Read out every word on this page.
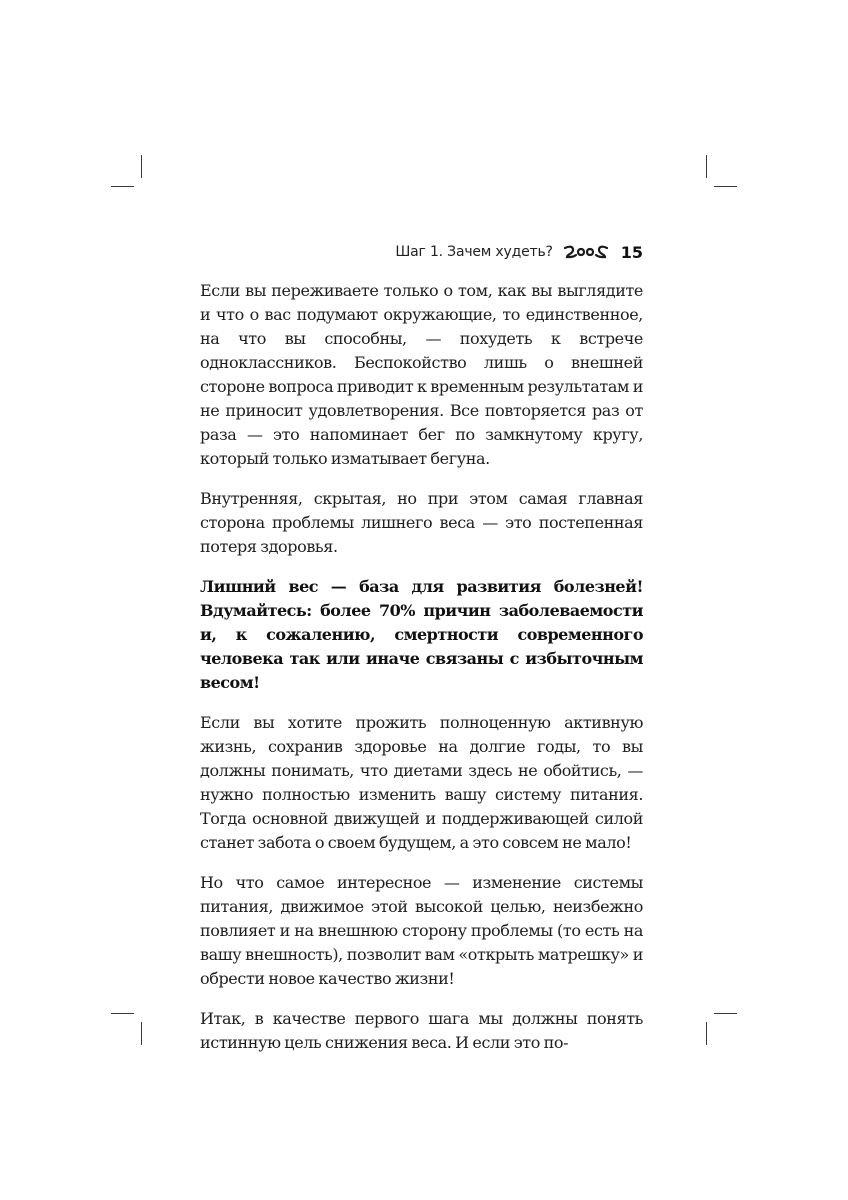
Шаг 1. Зачем худеть?	15

Если вы переживаете только о том, как вы выглядите и что о вас подумают окружающие, то единственное, на что вы способны, — похудеть к встрече одноклассников. Беспокойство лишь о внешней стороне вопроса приводит к временным результатам и не приносит удовлетворения. Все повторяется раз от раза — это напоминает бег по замкнутому кругу, который только изматывает бегуна.

Внутренняя, скрытая, но при этом самая главная сторона проблемы лишнего веса — это постепенная потеря здоровья.

Лишний вес — база для развития болезней! Вдумайтесь: более 70% причин заболеваемости и, к сожалению, смертности современного человека так или иначе связаны с избыточным весом!

Если вы хотите прожить полноценную активную жизнь, сохранив здоровье на долгие годы, то вы должны понимать, что диетами здесь не обойтись, — нужно полностью изменить вашу систему питания. Тогда основной движущей и поддерживающей силой станет забота о своем будущем, а это совсем не мало!

Но что самое интересное — изменение системы питания, движимое этой высокой целью, неизбежно повлияет и на внешнюю сторону проблемы (то есть на вашу внешность), позволит вам «открыть матрешку» и обрести новое качество жизни!

Итак, в качестве первого шага мы должны понять истинную цель снижения веса. И если это по-
